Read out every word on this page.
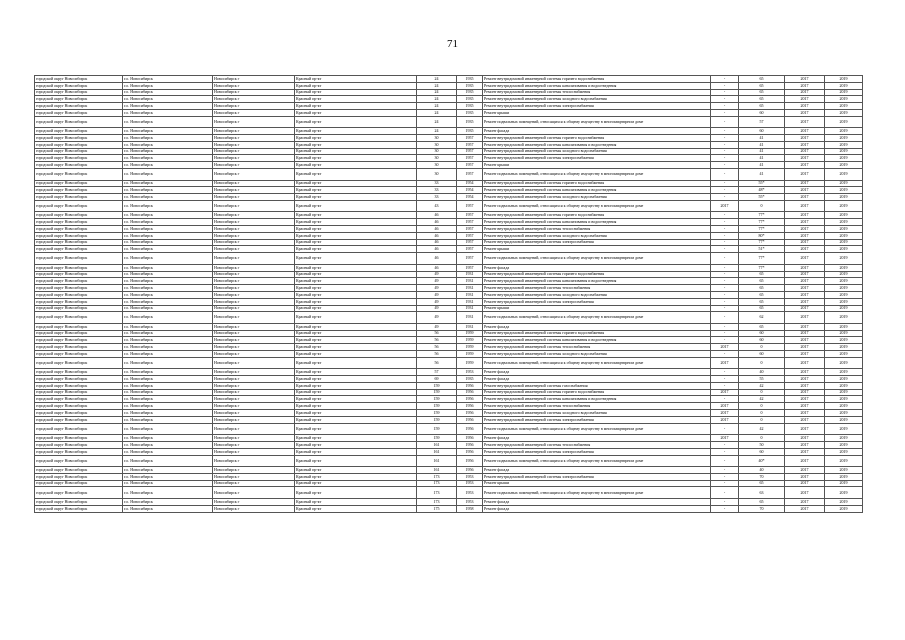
71
городской округ Новосибирск	г.о. Новосибирск	Новосибирск г	Красный пр-кт	24	1935	Ремонт внутридомовой инженерной системы горячего водоснабжения	-	65	2017	2019
городской округ Новосибирск	г.о. Новосибирск	Новосибирск г	Красный пр-кт	24	1935	Ремонт внутридомовой инженерной системы канализования и водоотведения	-	65	2017	2019
городской округ Новосибирск	г.о. Новосибирск	Новосибирск г	Красный пр-кт	24	1935	Ремонт внутридомовой инженерной системы теплоснабжения	-	65	2017	2019
городской округ Новосибирск	г.о. Новосибирск	Новосибирск г	Красный пр-кт	24	1935	Ремонт внутридомовой инженерной системы холодного водоснабжения	-	65	2017	2019
городской округ Новосибирск	г.о. Новосибирск	Новосибирск г	Красный пр-кт	24	1935	Ремонт внутридомовой инженерной системы электроснабжения	-	65	2017	2019
городской округ Новосибирск	г.о. Новосибирск	Новосибирск г	Красный пр-кт	24	1935	Ремонт крыши	-	60	2017	2019
городской округ Новосибирск	г.о. Новосибирск	Новосибирск г	Красный пр-кт	24	1935	Ремонт подвальных помещений, относящихся к общему имуществу в многоквартирном доме	-	57	2017	2019
городской округ Новосибирск	г.о. Новосибирск	Новосибирск г	Красный пр-кт	24	1935	Ремонт фасада	-	60	2017	2019
городской округ Новосибирск	г.о. Новосибирск	Новосибирск г	Красный пр-кт	30	1957	Ремонт внутридомовой инженерной системы горячего водоснабжения	-	41	2017	2019
городской округ Новосибирск	г.о. Новосибирск	Новосибирск г	Красный пр-кт	30	1957	Ремонт внутридомовой инженерной системы канализования и водоотведения	-	41	2017	2019
городской округ Новосибирск	г.о. Новосибирск	Новосибирск г	Красный пр-кт	30	1957	Ремонт внутридомовой инженерной системы холодного водоснабжения	-	41	2017	2019
городской округ Новосибирск	г.о. Новосибирск	Новосибирск г	Красный пр-кт	30	1957	Ремонт внутридомовой инженерной системы электроснабжения	-	41	2017	2019
городской округ Новосибирск	г.о. Новосибирск	Новосибирск г	Красный пр-кт	30	1957	Ремонт крыши	-	41	2017	2019
городской округ Новосибирск	г.о. Новосибирск	Новосибирск г	Красный пр-кт	30	1957	Ремонт подвальных помещений, относящихся к общему имуществу в многоквартирном доме	-	41	2017	2019
городской округ Новосибирск	г.о. Новосибирск	Новосибирск г	Красный пр-кт	33	1954	Ремонт внутридомовой инженерной системы горячего водоснабжения	-	55*	2017	2019
городской округ Новосибирск	г.о. Новосибирск	Новосибирск г	Красный пр-кт	33	1954	Ремонт внутридомовой инженерной системы канализования и водоотведения	-	48*	2017	2019
городской округ Новосибирск	г.о. Новосибирск	Новосибирск г	Красный пр-кт	33	1954	Ремонт внутридомовой инженерной системы холодного водоснабжения	-	55*	2017	2019
городской округ Новосибирск	г.о. Новосибирск	Новосибирск г	Красный пр-кт	43	1957	Ремонт подвальных помещений, относящихся к общему имуществу в многоквартирном доме	2017	0	2017	2019
городской округ Новосибирск	г.о. Новосибирск	Новосибирск г	Красный пр-кт	46	1957	Ремонт внутридомовой инженерной системы горячего водоснабжения	-	77*	2017	2019
городской округ Новосибирск	г.о. Новосибирск	Новосибирск г	Красный пр-кт	46	1957	Ремонт внутридомовой инженерной системы канализования и водоотведения	-	77*	2017	2019
городской округ Новосибирск	г.о. Новосибирск	Новосибирск г	Красный пр-кт	46	1957	Ремонт внутридомовой инженерной системы теплоснабжения	-	77*	2017	2019
городской округ Новосибирск	г.о. Новосибирск	Новосибирск г	Красный пр-кт	46	1957	Ремонт внутридомовой инженерной системы холодного водоснабжения	-	80*	2017	2019
городской округ Новосибирск	г.о. Новосибирск	Новосибирск г	Красный пр-кт	46	1957	Ремонт внутридомовой инженерной системы электроснабжения	-	77*	2017	2019
городской округ Новосибирск	г.о. Новосибирск	Новосибирск г	Красный пр-кт	46	1957	Ремонт крыши	-	51*	2017	2019
городской округ Новосибирск	г.о. Новосибирск	Новосибирск г	Красный пр-кт	46	1957	Ремонт подвальных помещений, относящихся к общему имуществу в многоквартирном доме	-	77*	2017	2019
городской округ Новосибирск	г.о. Новосибирск	Новосибирск г	Красный пр-кт	46	1957	Ремонт фасада	-	77*	2017	2019
городской округ Новосибирск	г.о. Новосибирск	Новосибирск г	Красный пр-кт	49	1931	Ремонт внутридомовой инженерной системы горячего водоснабжения	-	65	2017	2019
городской округ Новосибирск	г.о. Новосибирск	Новосибирск г	Красный пр-кт	49	1931	Ремонт внутридомовой инженерной системы канализования и водоотведения	-	65	2017	2019
городской округ Новосибирск	г.о. Новосибирск	Новосибирск г	Красный пр-кт	49	1931	Ремонт внутридомовой инженерной системы теплоснабжения	-	65	2017	2019
городской округ Новосибирск	г.о. Новосибирск	Новосибирск г	Красный пр-кт	49	1931	Ремонт внутридомовой инженерной системы холодного водоснабжения	-	65	2017	2019
городской округ Новосибирск	г.о. Новосибирск	Новосибирск г	Красный пр-кт	49	1931	Ремонт внутридомовой инженерной системы электроснабжения	-	65	2017	2019
городской округ Новосибирск	г.о. Новосибирск	Новосибирск г	Красный пр-кт	49	1931	Ремонт крыши	-	65	2017	2019
городской округ Новосибирск	г.о. Новосибирск	Новосибирск г	Красный пр-кт	49	1931	Ремонт подвальных помещений, относящихся к общему имуществу в многоквартирном доме	-	62	2017	2019
городской округ Новосибирск	г.о. Новосибирск	Новосибирск г	Красный пр-кт	49	1931	Ремонт фасада	-	65	2017	2019
городской округ Новосибирск	г.о. Новосибирск	Новосибирск г	Красный пр-кт	56	1959	Ремонт внутридомовой инженерной системы горячего водоснабжения	-	60	2017	2019
городской округ Новосибирск	г.о. Новосибирск	Новосибирск г	Красный пр-кт	56	1959	Ремонт внутридомовой инженерной системы канализования и водоотведения	-	60	2017	2019
городской округ Новосибирск	г.о. Новосибирск	Новосибирск г	Красный пр-кт	56	1959	Ремонт внутридомовой инженерной системы теплоснабжения	2017	0	2017	2019
городской округ Новосибирск	г.о. Новосибирск	Новосибирск г	Красный пр-кт	56	1959	Ремонт внутридомовой инженерной системы холодного водоснабжения	-	60	2017	2019
городской округ Новосибирск	г.о. Новосибирск	Новосибирск г	Красный пр-кт	56	1959	Ремонт подвальных помещений, относящихся к общему имуществу в многоквартирном доме	2017	0	2017	2019
городской округ Новосибирск	г.о. Новосибирск	Новосибирск г	Красный пр-кт	57	1953	Ремонт фасада	-	40	2017	2019
городской округ Новосибирск	г.о. Новосибирск	Новосибирск г	Красный пр-кт	69	1935	Ремонт фасада	-	55	2017	2019
городской округ Новосибирск	г.о. Новосибирск	Новосибирск г	Красный пр-кт	159	1956	Ремонт внутридомовой инженерной системы газоснабжения	-	42	2017	2019
городской округ Новосибирск	г.о. Новосибирск	Новосибирск г	Красный пр-кт	159	1956	Ремонт внутридомовой инженерной системы горячего водоснабжения	2017	0	2017	2019
городской округ Новосибирск	г.о. Новосибирск	Новосибирск г	Красный пр-кт	159	1956	Ремонт внутридомовой инженерной системы канализования и водоотведения	-	42	2017	2019
городской округ Новосибирск	г.о. Новосибирск	Новосибирск г	Красный пр-кт	159	1956	Ремонт внутридомовой инженерной системы теплоснабжения	2017	0	2017	2019
городской округ Новосибирск	г.о. Новосибирск	Новосибирск г	Красный пр-кт	159	1956	Ремонт внутридомовой инженерной системы холодного водоснабжения	2017	0	2017	2019
городской округ Новосибирск	г.о. Новосибирск	Новосибирск г	Красный пр-кт	159	1956	Ремонт внутридомовой инженерной системы электроснабжения	2017	0	2017	2019
городской округ Новосибирск	г.о. Новосибирск	Новосибирск г	Красный пр-кт	159	1956	Ремонт подвальных помещений, относящихся к общему имуществу в многоквартирном доме	-	42	2017	2019
городской округ Новосибирск	г.о. Новосибирск	Новосибирск г	Красный пр-кт	159	1956	Ремонт фасада	2017	0	2017	2019
городской округ Новосибирск	г.о. Новосибирск	Новосибирск г	Красный пр-кт	161	1956	Ремонт внутридомовой инженерной системы теплоснабжения	-	50	2017	2019
городской округ Новосибирск	г.о. Новосибирск	Новосибирск г	Красный пр-кт	161	1956	Ремонт внутридомовой инженерной системы электроснабжения	-	60	2017	2019
городской округ Новосибирск	г.о. Новосибирск	Новосибирск г	Красный пр-кт	161	1956	Ремонт подвальных помещений, относящихся к общему имуществу в многоквартирном доме	-	40*	2017	2019
городской округ Новосибирск	г.о. Новосибирск	Новосибирск г	Красный пр-кт	161	1956	Ремонт фасада	-	40	2017	2019
городской округ Новосибирск	г.о. Новосибирск	Новосибирск г	Красный пр-кт	173	1953	Ремонт внутридомовой инженерной системы электроснабжения	-	70	2017	2019
городской округ Новосибирск	г.о. Новосибирск	Новосибирск г	Красный пр-кт	173	1953	Ремонт крыши	-	65	2017	2019
городской округ Новосибирск	г.о. Новосибирск	Новосибирск г	Красный пр-кт	173	1953	Ремонт подвальных помещений, относящихся к общему имуществу в многоквартирном доме	-	63	2017	2019
городской округ Новосибирск	г.о. Новосибирск	Новосибирск г	Красный пр-кт	173	1953	Ремонт фасада	-	65	2017	2019
городской округ Новосибирск	г.о. Новосибирск	Новосибирск г	Красный пр-кт	175	1958	Ремонт фасада	-	70	2017	2019
